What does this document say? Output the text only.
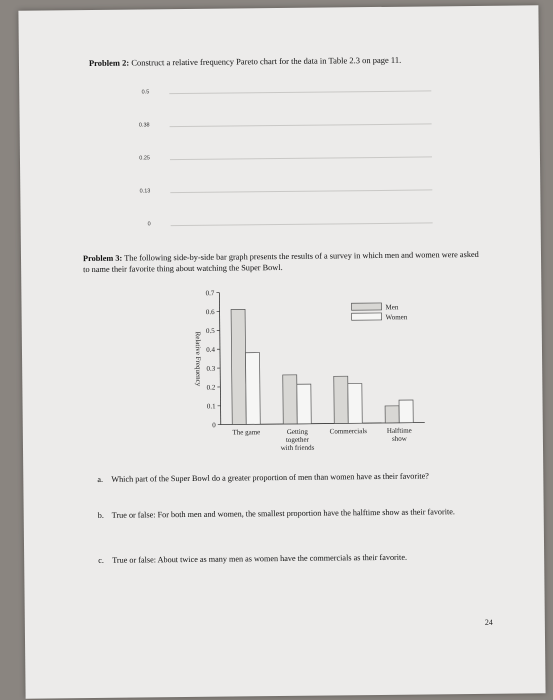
Problem 2: Construct a relative frequency Pareto chart for the data in Table 2.3 on page 11.
0.5
0.38
0.25
0.13
0
Problem 3: The following side-by-side bar graph presents the results of a survey in which men and women were asked to name their favorite thing about watching the Super Bowl.
0
0.1
0.2
0.3
0.4
0.5
0.6
0.7
Relative Frequency
The game	Getting
together
with friends
Commercials	Halftime
show
Men
Women
a. Which part of the Super Bowl do a greater proportion of men than women have as their favorite?
b. True or false: For both men and women, the smallest proportion have the halftime show as their favorite.
c. True or false: About twice as many men as women have the commercials as their favorite.
24
